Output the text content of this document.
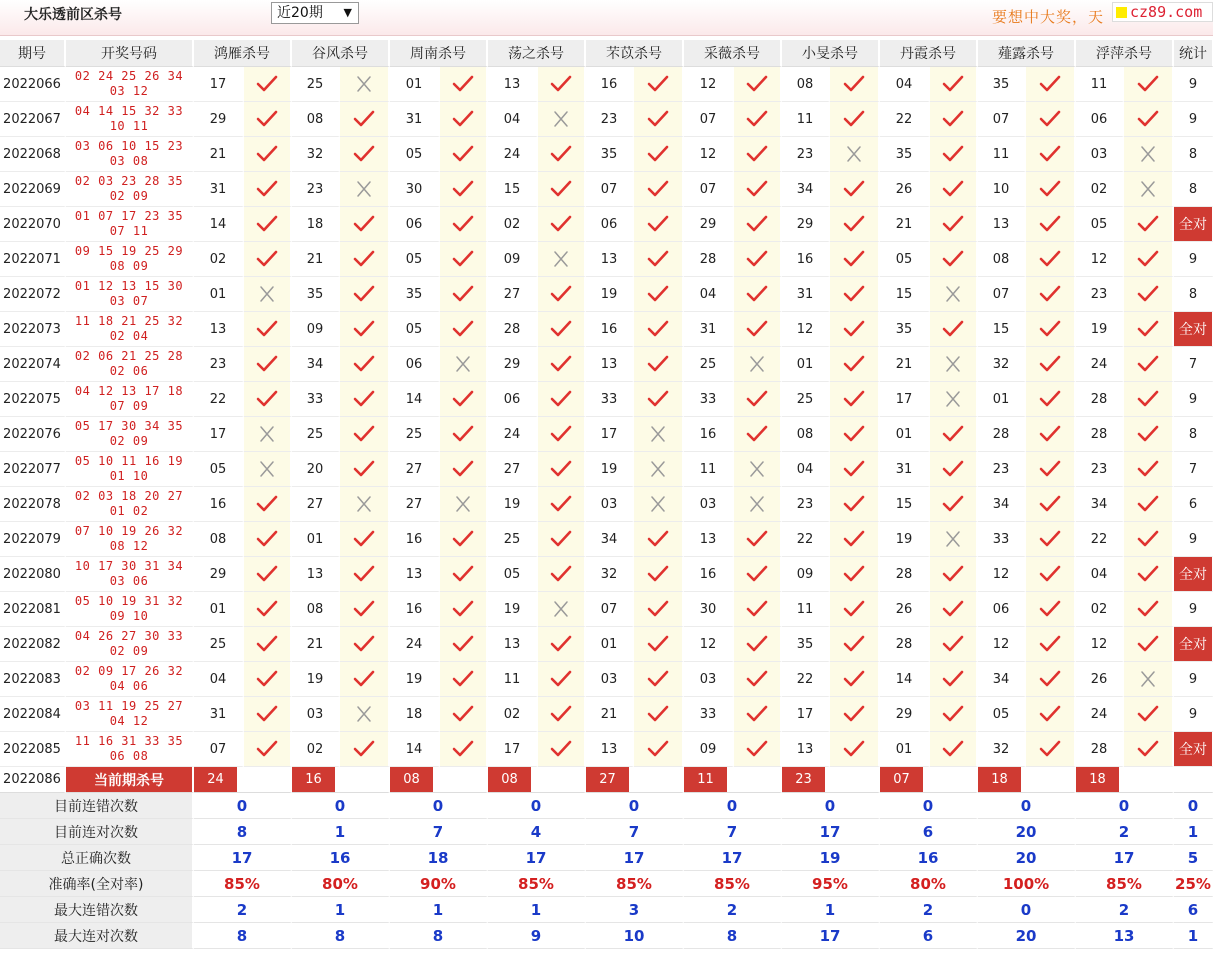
大乐透前区杀号	近20期 ▼	要想中大奖，天	cz89.com
期号	开奖号码	鸿雁杀号		谷风杀号		周南杀号		荡之杀号		芣苡杀号		采薇杀号		小旻杀号		丹霞杀号		薤露杀号		浮萍杀号		统计
2022066	02 24 25 26 34
03 12	17		25		01		13		16		12		08		04		35		11		9
2022067	04 14 15 32 33
10 11	29		08		31		04		23		07		11		22		07		06		9
2022068	03 06 10 15 23
03 08	21		32		05		24		35		12		23		35		11		03		8
2022069	02 03 23 28 35
02 09	31		23		30		15		07		07		34		26		10		02		8
2022070	01 07 17 23 35
07 11	14		18		06		02		06		29		29		21		13		05		全对
2022071	09 15 19 25 29
08 09	02		21		05		09		13		28		16		05		08		12		9
2022072	01 12 13 15 30
03 07	01		35		35		27		19		04		31		15		07		23		8
2022073	11 18 21 25 32
02 04	13		09		05		28		16		31		12		35		15		19		全对
2022074	02 06 21 25 28
02 06	23		34		06		29		13		25		01		21		32		24		7
2022075	04 12 13 17 18
07 09	22		33		14		06		33		33		25		17		01		28		9
2022076	05 17 30 34 35
02 09	17		25		25		24		17		16		08		01		28		28		8
2022077	05 10 11 16 19
01 10	05		20		27		27		19		11		04		31		23		23		7
2022078	02 03 18 20 27
01 02	16		27		27		19		03		03		23		15		34		34		6
2022079	07 10 19 26 32
08 12	08		01		16		25		34		13		22		19		33		22		9
2022080	10 17 30 31 34
03 06	29		13		13		05		32		16		09		28		12		04		全对
2022081	05 10 19 31 32
09 10	01		08		16		19		07		30		11		26		06		02		9
2022082	04 26 27 30 33
02 09	25		21		24		13		01		12		35		28		12		12		全对
2022083	02 09 17 26 32
04 06	04		19		19		11		03		03		22		14		34		26		9
2022084	03 11 19 25 27
04 12	31		03		18		02		21		33		17		29		05		24		9
2022085	11 16 31 33 35
06 08	07		02		14		17		13		09		13		01		32		28		全对
2022086	当前期杀号	24		16		08		08		27		11		23		07		18		18		

目前连错次数		0		0		0		0		0		0		0		0		0		0		0
目前连对次数		8		1		7		4		7		7		17		6		20		2		1
总正确次数		17		16		18		17		17		17		19		16		20		17		5
准确率(全对率)		85%		80%		90%		85%		85%		85%		95%		80%		100%		85%		25%
最大连错次数		2		1		1		1		3		2		1		2		0		2		6
最大连对次数		8		8		8		9		10		8		17		6		20		13		1
